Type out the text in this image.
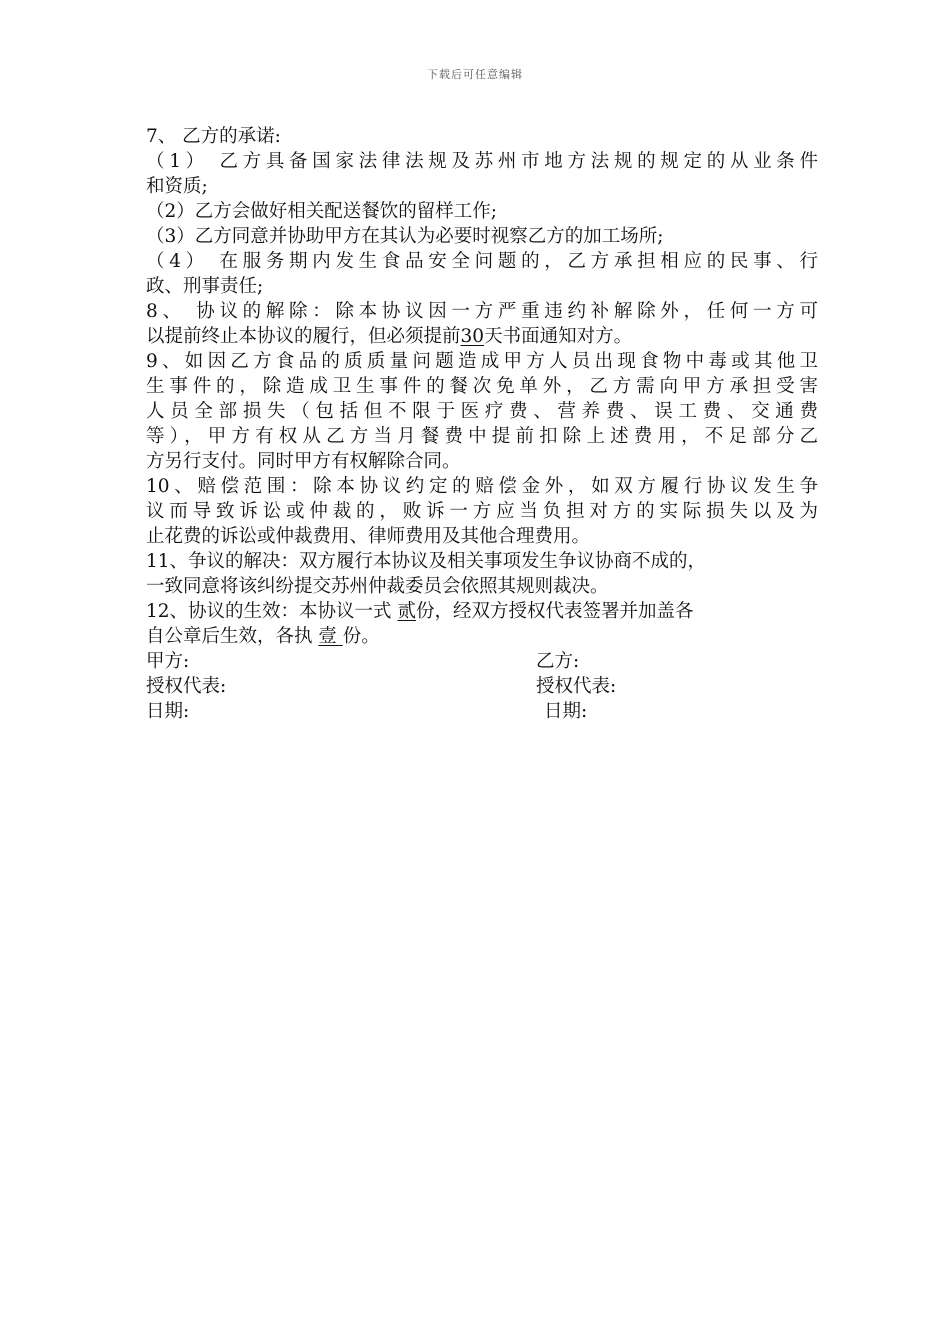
下载后可任意编辑
7、 乙方的承诺:
（1） 乙方具备国家法律法规及苏州市地方法规的规定的从业条件
和资质;
（2）乙方会做好相关配送餐饮的留样工作;
（3）乙方同意并协助甲方在其认为必要时视察乙方的加工场所;
（4） 在服务期内发生食品安全问题的，乙方承担相应的民事、行
政、刑事责任;
8、 协议的解除：除本协议因一方严重违约补解除外，任何一方可
以提前终止本协议的履行，但必须提前30天书面通知对方。
9、如因乙方食品的质质量问题造成甲方人员出现食物中毒或其他卫
生事件的，除造成卫生事件的餐次免单外，乙方需向甲方承担受害
人员全部损失（包括但不限于医疗费、营养费、误工费、交通费
等），甲方有权从乙方当月餐费中提前扣除上述费用，不足部分乙
方另行支付。同时甲方有权解除合同。
10、赔偿范围：除本协议约定的赔偿金外，如双方履行协议发生争
议而导致诉讼或仲裁的，败诉一方应当负担对方的实际损失以及为
止花费的诉讼或仲裁费用、律师费用及其他合理费用。
11、争议的解决：双方履行本协议及相关事项发生争议协商不成的，
一致同意将该纠纷提交苏州仲裁委员会依照其规则裁决。
12、协议的生效：本协议一式 贰份，经双方授权代表签署并加盖各
自公章后生效，各执 壹 份。
甲方:	乙方:
授权代表:	授权代表:
日期:	日期:
